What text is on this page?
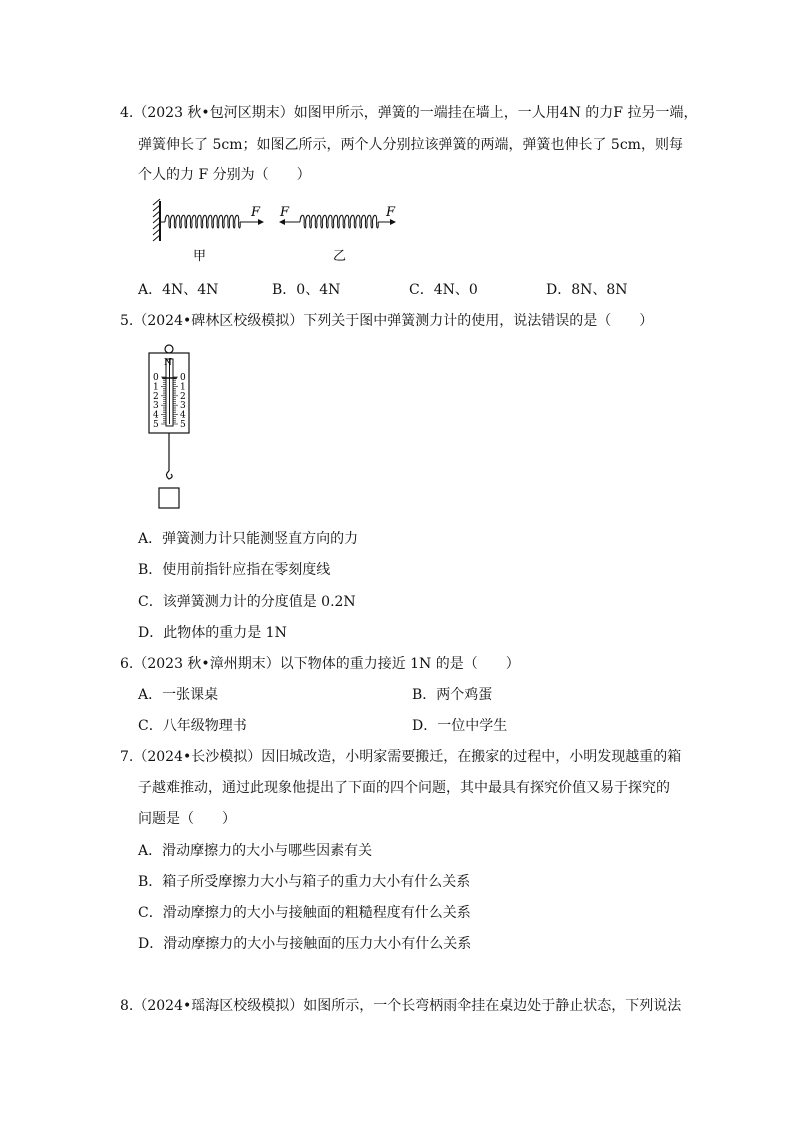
4.（2023 秋•包河区期末）如图甲所示，弹簧的一端挂在墙上，一人用4N 的力F 拉另一端，
弹簧伸长了 5cm；如图乙所示，两个人分别拉该弹簧的两端，弹簧也伸长了 5cm，则每
个人的力 F 分别为（　　）
F F	F
甲	乙
A．4N、4N	B．0、4N	C．4N、0	D．8N、8N
5.（2024•碑林区校级模拟）下列关于图中弹簧测力计的使用，说法错误的是（　　）
N
0 0
1 1
2 2
3 3
4 4
5 5
A．弹簧测力计只能测竖直方向的力
B．使用前指针应指在零刻度线
C．该弹簧测力计的分度值是 0.2N
D．此物体的重力是 1N
6.（2023 秋•漳州期末）以下物体的重力接近 1N 的是（　　）
A．一张课桌	B．两个鸡蛋
C．八年级物理书	D．一位中学生
7.（2024•长沙模拟）因旧城改造，小明家需要搬迁，在搬家的过程中，小明发现越重的箱
子越难推动，通过此现象他提出了下面的四个问题，其中最具有探究价值又易于探究的
问题是（　　）
A．滑动摩擦力的大小与哪些因素有关
B．箱子所受摩擦力大小与箱子的重力大小有什么关系
C．滑动摩擦力的大小与接触面的粗糙程度有什么关系
D．滑动摩擦力的大小与接触面的压力大小有什么关系
8.（2024•瑶海区校级模拟）如图所示，一个长弯柄雨伞挂在桌边处于静止状态，下列说法
